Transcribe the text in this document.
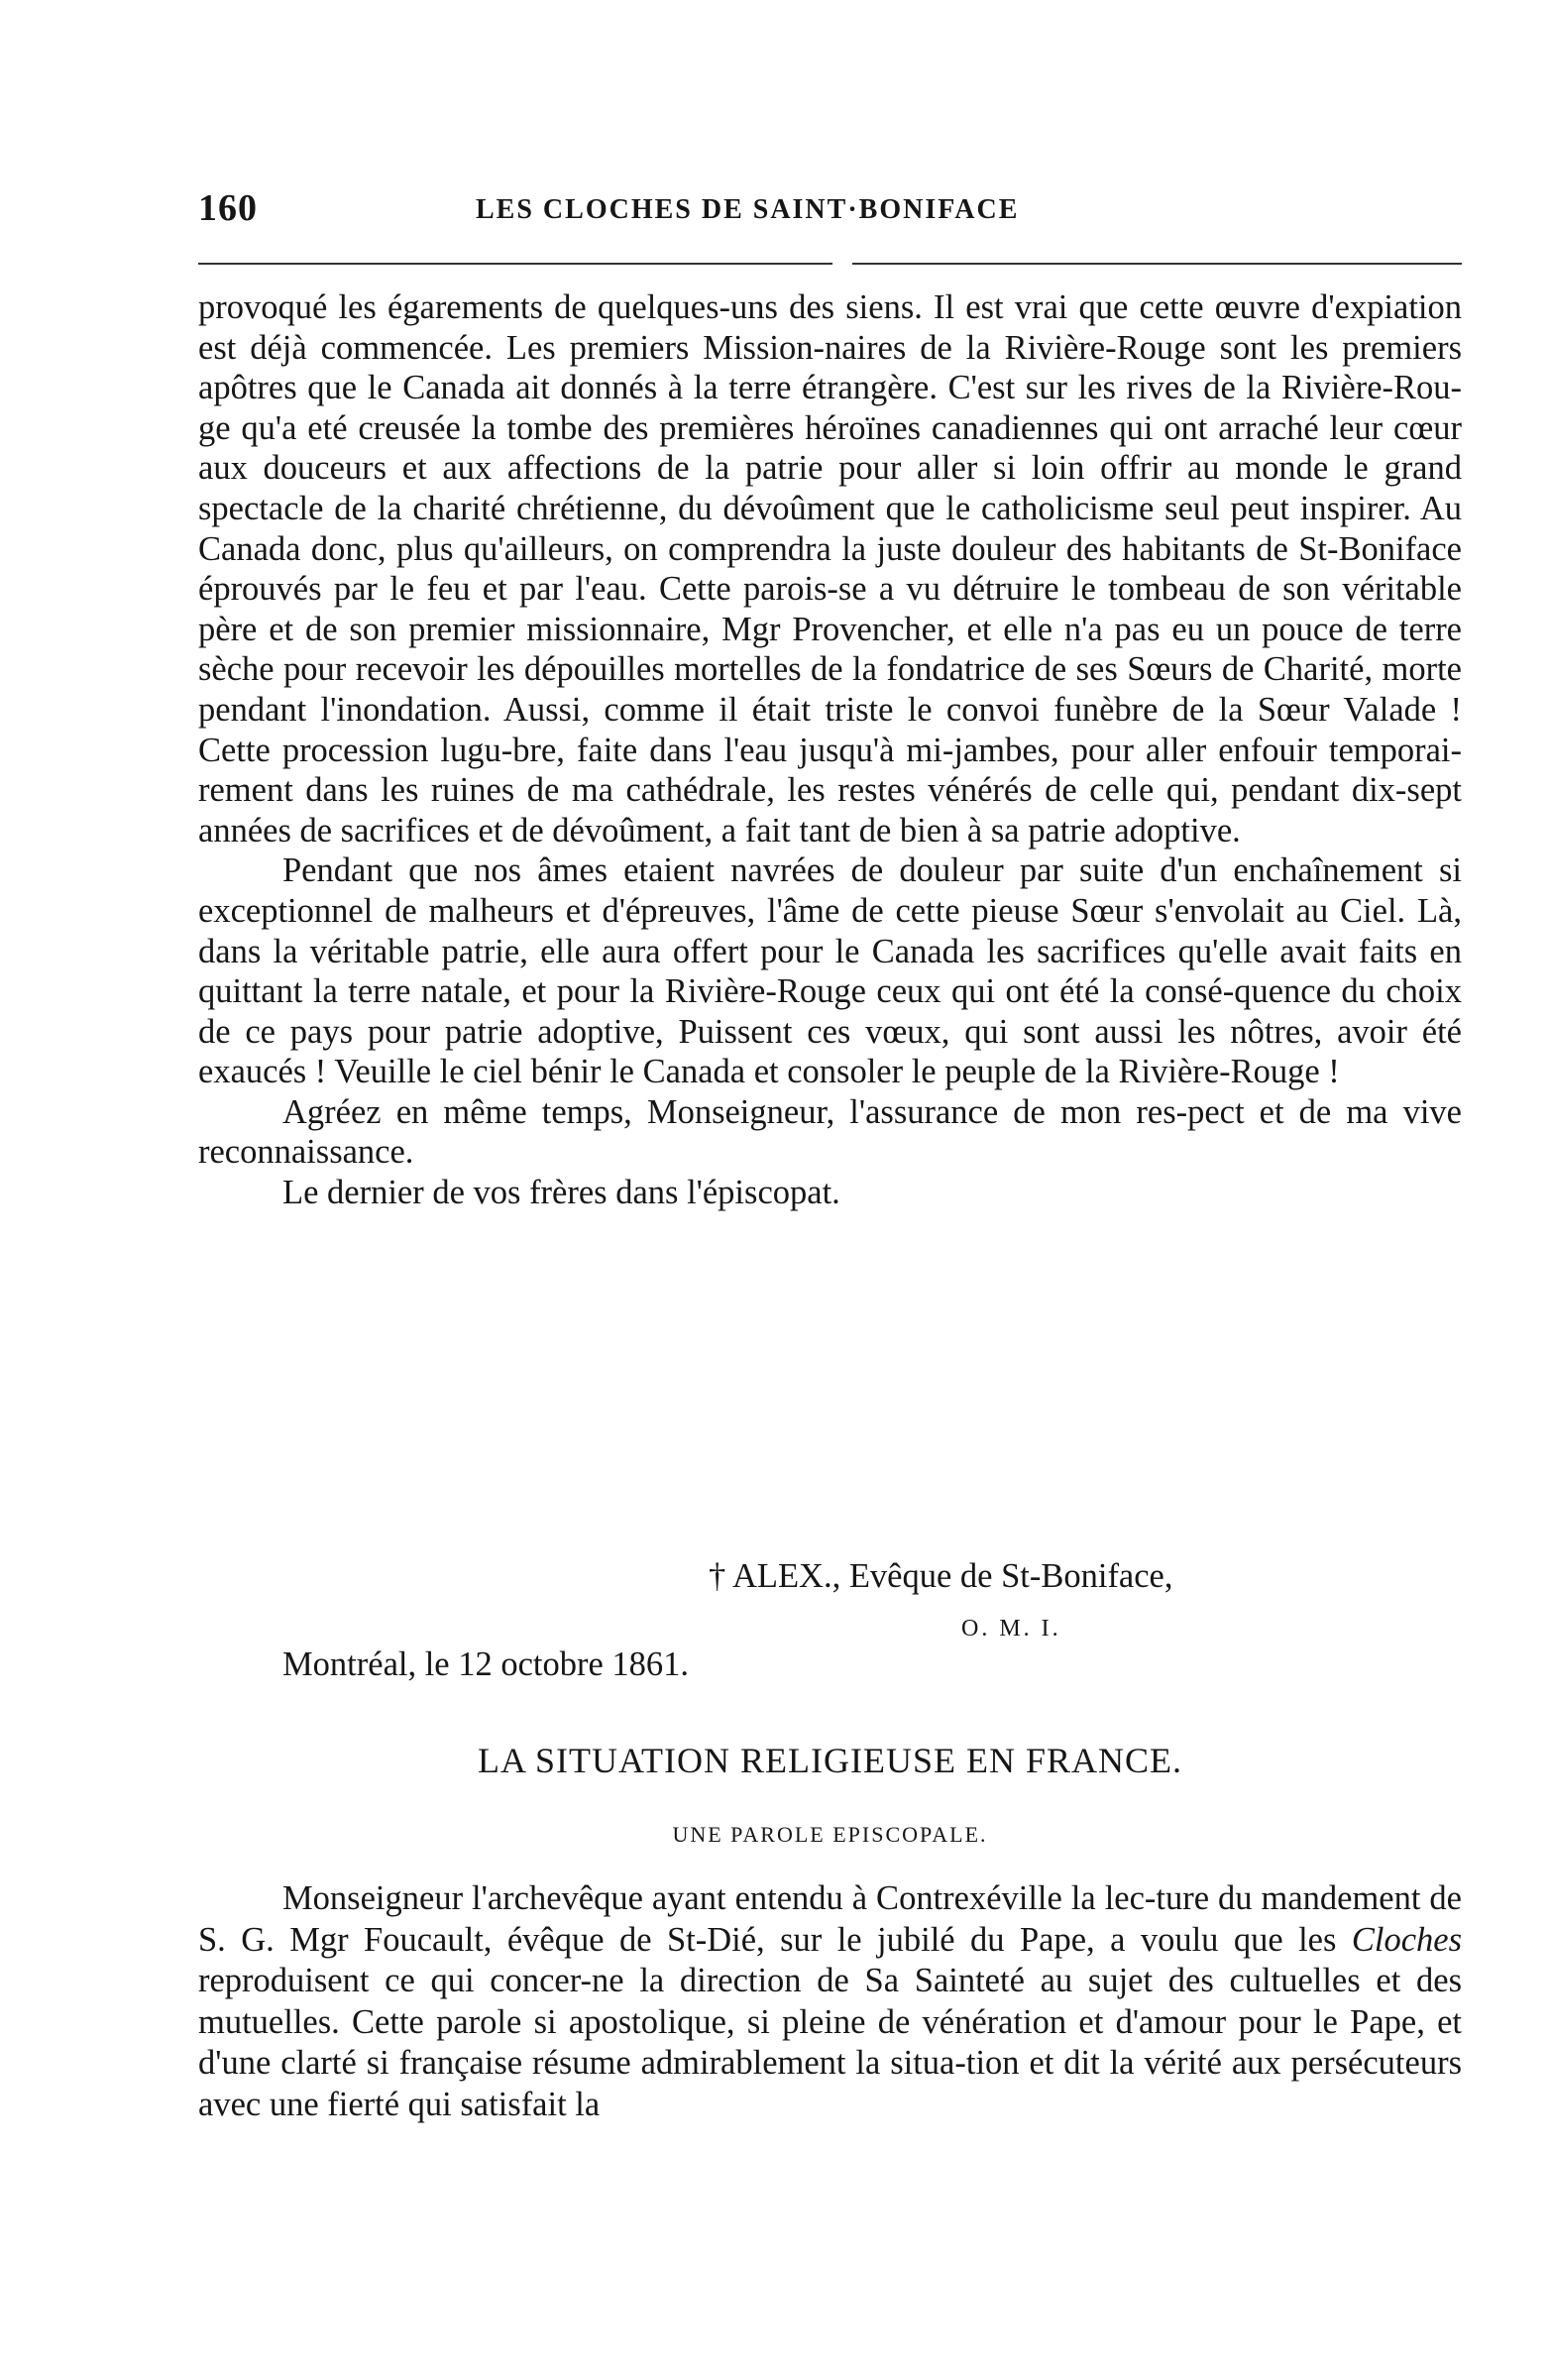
160	LES CLOCHES DE SAINT·BONIFACE

provoqué les égarements de quelques-uns des siens. Il est vrai que cette œuvre d'expiation est déjà commencée. Les premiers Mission-naires de la Rivière-Rouge sont les premiers apôtres que le Canada ait donnés à la terre étrangère. C'est sur les rives de la Rivière-Rou-ge qu'a eté creusée la tombe des premières héroïnes canadiennes qui ont arraché leur cœur aux douceurs et aux affections de la patrie pour aller si loin offrir au monde le grand spectacle de la charité chrétienne, du dévoûment que le catholicisme seul peut inspirer. Au Canada donc, plus qu'ailleurs, on comprendra la juste douleur des habitants de St-Boniface éprouvés par le feu et par l'eau. Cette parois-se a vu détruire le tombeau de son véritable père et de son premier missionnaire, Mgr Provencher, et elle n'a pas eu un pouce de terre sèche pour recevoir les dépouilles mortelles de la fondatrice de ses Sœurs de Charité, morte pendant l'inondation. Aussi, comme il était triste le convoi funèbre de la Sœur Valade ! Cette procession lugu-bre, faite dans l'eau jusqu'à mi-jambes, pour aller enfouir temporai-rement dans les ruines de ma cathédrale, les restes vénérés de celle qui, pendant dix-sept années de sacrifices et de dévoûment, a fait tant de bien à sa patrie adoptive.

Pendant que nos âmes etaient navrées de douleur par suite d'un enchaînement si exceptionnel de malheurs et d'épreuves, l'âme de cette pieuse Sœur s'envolait au Ciel. Là, dans la véritable patrie, elle aura offert pour le Canada les sacrifices qu'elle avait faits en quittant la terre natale, et pour la Rivière-Rouge ceux qui ont été la consé-quence du choix de ce pays pour patrie adoptive, Puissent ces vœux, qui sont aussi les nôtres, avoir été exaucés ! Veuille le ciel bénir le Canada et consoler le peuple de la Rivière-Rouge !

Agréez en même temps, Monseigneur, l'assurance de mon res-pect et de ma vive reconnaissance.

Le dernier de vos frères dans l'épiscopat.

† ALEX., Evêque de St-Boniface,
O. M. I.
Montréal, le 12 octobre 1861.
LA SITUATION RELIGIEUSE EN FRANCE.
UNE PAROLE EPISCOPALE.

Monseigneur l'archevêque ayant entendu à Contrexéville la lec-ture du mandement de S. G. Mgr Foucault, évêque de St-Dié, sur le jubilé du Pape, a voulu que les Cloches reproduisent ce qui concer-ne la direction de Sa Sainteté au sujet des cultuelles et des mutuelles. Cette parole si apostolique, si pleine de vénération et d'amour pour le Pape, et d'une clarté si française résume admirablement la situa-tion et dit la vérité aux persécuteurs avec une fierté qui satisfait la
